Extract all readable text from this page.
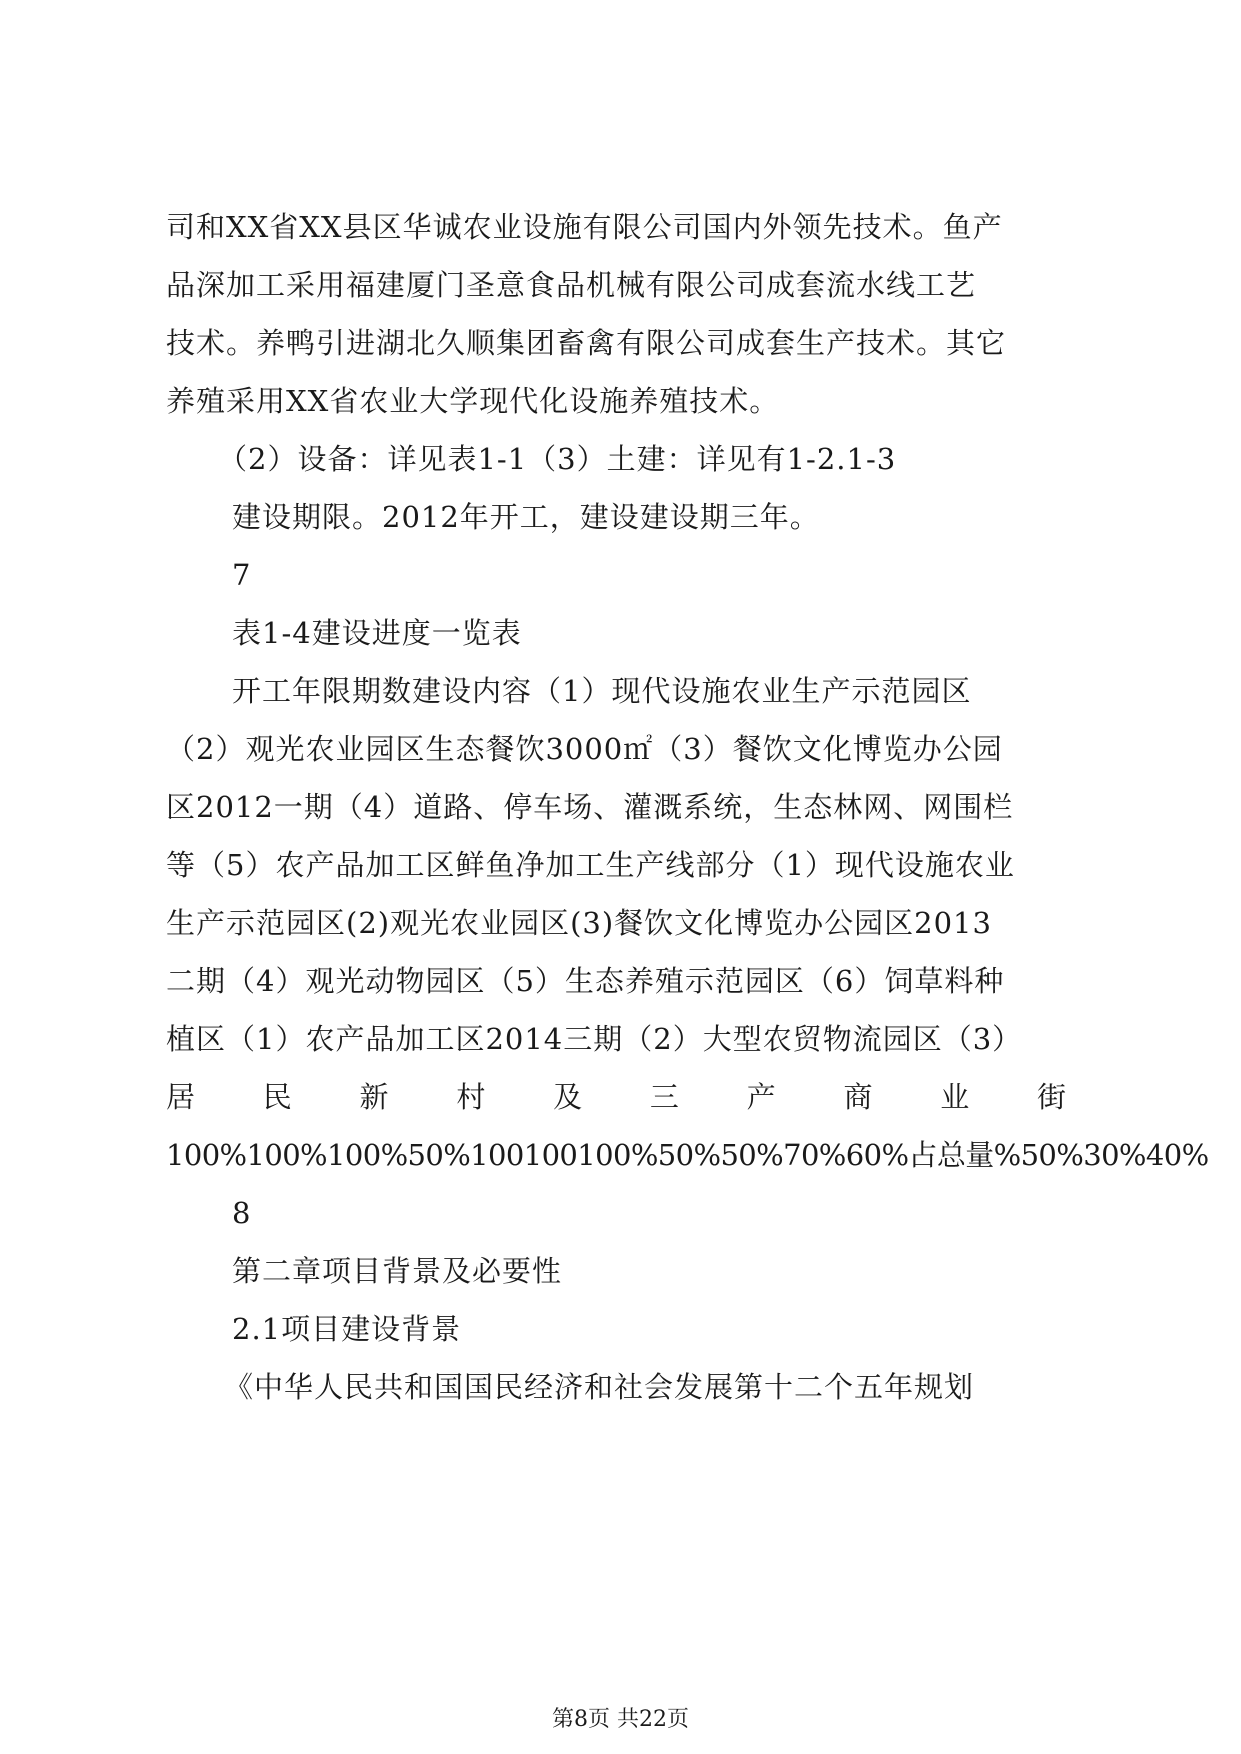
司和XX省XX县区华诚农业设施有限公司国内外领先技术。鱼产
品深加工采用福建厦门圣意食品机械有限公司成套流水线工艺
技术。养鸭引进湖北久顺集团畜禽有限公司成套生产技术。其它
养殖采用XX省农业大学现代化设施养殖技术。
（2）设备：详见表1-1（3）土建：详见有1-2.1-3
建设期限。2012年开工，建设建设期三年。
7
表1-4建设进度一览表
开工年限期数建设内容（1）现代设施农业生产示范园区
（2）观光农业园区生态餐饮3000㎡（3）餐饮文化博览办公园
区2012一期（4）道路、停车场、灌溉系统，生态林网、网围栏
等（5）农产品加工区鲜鱼净加工生产线部分（1）现代设施农业
生产示范园区(2)观光农业园区(3)餐饮文化博览办公园区2013
二期（4）观光动物园区（5）生态养殖示范园区（6）饲草料种
植区（1）农产品加工区2014三期（2）大型农贸物流园区（3）
居 民 新 村 及 三 产 商 业 街
100%100%100%50%100100100%50%50%70%60%占总量%50%30%40%
8
第二章项目背景及必要性
2.1项目建设背景
《中华人民共和国国民经济和社会发展第十二个五年规划
第8页 共22页
